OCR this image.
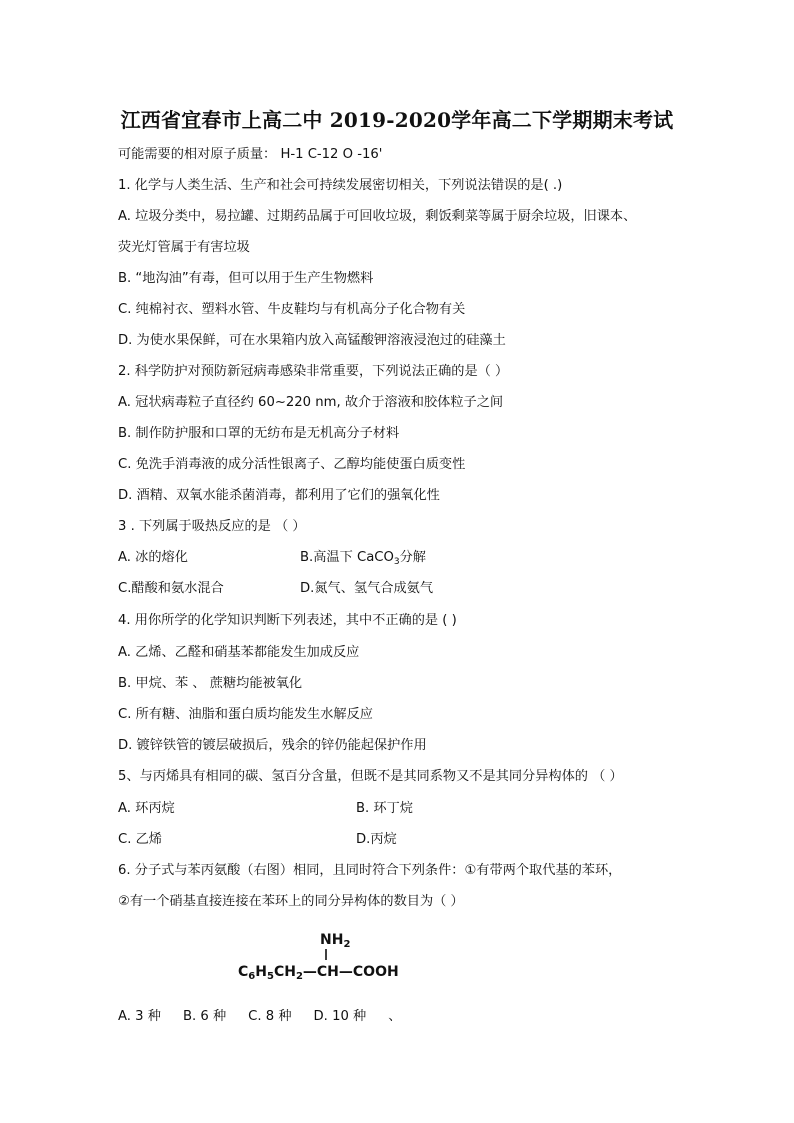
江西省宜春市上高二中 2019-2020学年高二下学期期末考试
可能需要的相对原子质量： H-1 C-12 O -16'
1. 化学与人类生活、生产和社会可持续发展密切相关，下列说法错误的是( .)
A. 垃圾分类中，易拉罐、过期药品属于可回收垃圾，剩饭剩菜等属于厨余垃圾，旧课本、
荧光灯管属于有害垃圾
B. “地沟油”有毒，但可以用于生产生物燃料
C. 纯棉衬衣、塑料水管、牛皮鞋均与有机高分子化合物有关
D. 为使水果保鲜，可在水果箱内放入高锰酸钾溶液浸泡过的硅藻土
2. 科学防护对预防新冠病毒感染非常重要，下列说法正确的是（ ）
A. 冠状病毒粒子直径约 60~220 nm, 故介于溶液和胶体粒子之间
B. 制作防护服和口罩的无纺布是无机高分子材料
C. 免洗手消毒液的成分活性银离子、乙醇均能使蛋白质变性
D. 酒精、双氧水能杀菌消毒，都利用了它们的强氧化性
3 . 下列属于吸热反应的是 （ ）
A. 冰的熔化	B.高温下 CaCO$_3$分解
C.醋酸和氨水混合	D.氮气、氢气合成氨气
4. 用你所学的化学知识判断下列表述，其中不正确的是 ( )
A. 乙烯、乙醛和硝基苯都能发生加成反应
B. 甲烷、苯 、 蔗糖均能被氧化
C. 所有糖、油脂和蛋白质均能发生水解反应
D. 镀锌铁管的镀层破损后，残余的锌仍能起保护作用
5、与丙烯具有相同的碳、氢百分含量，但既不是其同系物又不是其同分异构体的 （ ）
A. 环丙烷	B. 环丁烷
C. 乙烯	D.丙烷
6. 分子式与苯丙氨酸（右图）相同，且同时符合下列条件：①有带两个取代基的苯环，
②有一个硝基直接连接在苯环上的同分异构体的数目为（ ）
$NH_2$
$C_6H_5CH_2—CH—COOH$
A. 3 种 B. 6 种 C. 8 种 D. 10 种 、
